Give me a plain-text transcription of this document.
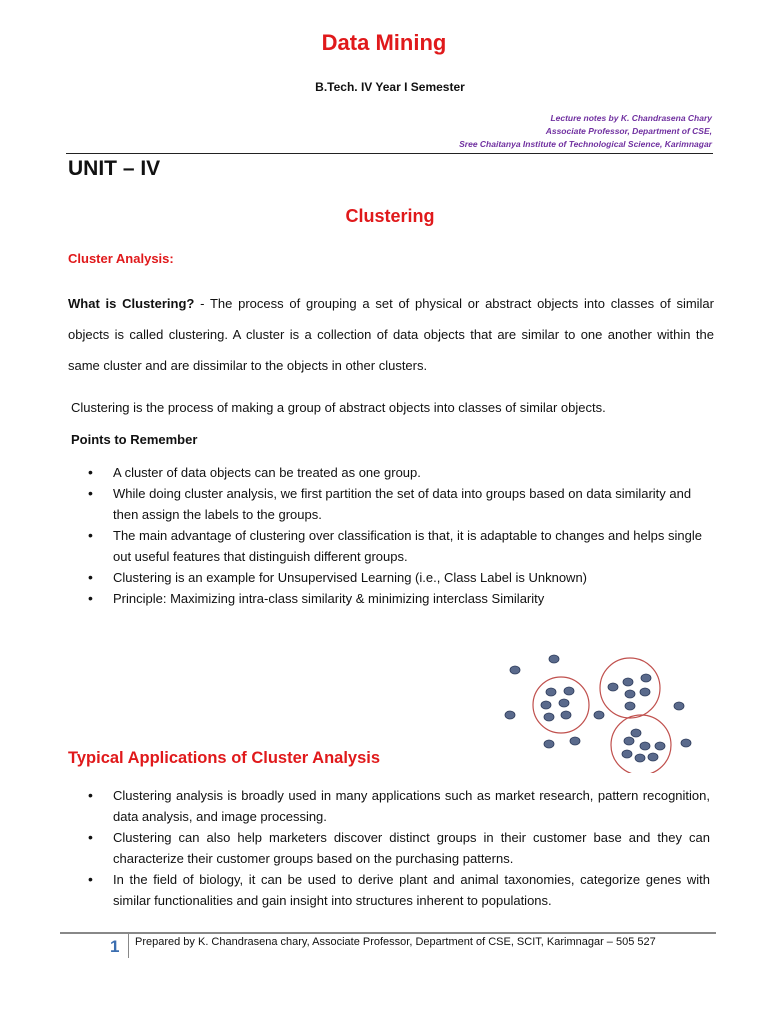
Data Mining
B.Tech. IV Year I Semester
Lecture notes by K. Chandrasena Chary
Associate Professor, Department of CSE,
Sree Chaitanya Institute of Technological Science, Karimnagar
UNIT – IV
Clustering
Cluster Analysis:
What is Clustering? - The process of grouping a set of physical or abstract objects into classes of similar objects is called clustering. A cluster is a collection of data objects that are similar to one another within the same cluster and are dissimilar to the objects in other clusters.
Clustering is the process of making a group of abstract objects into classes of similar objects.
Points to Remember
• A cluster of data objects can be treated as one group.
• While doing cluster analysis, we first partition the set of data into groups based on data similarity and then assign the labels to the groups.
• The main advantage of clustering over classification is that, it is adaptable to changes and helps single out useful features that distinguish different groups.
• Clustering is an example for Unsupervised Learning (i.e., Class Label is Unknown)
• Principle: Maximizing intra-class similarity & minimizing interclass Similarity
Typical Applications of Cluster Analysis
• Clustering analysis is broadly used in many applications such as market research, pattern recognition, data analysis, and image processing.
• Clustering can also help marketers discover distinct groups in their customer base and they can characterize their customer groups based on the purchasing patterns.
• In the field of biology, it can be used to derive plant and animal taxonomies, categorize genes with similar functionalities and gain insight into structures inherent to populations.
1 Prepared by K. Chandrasena chary, Associate Professor, Department of CSE, SCIT, Karimnagar – 505 527
